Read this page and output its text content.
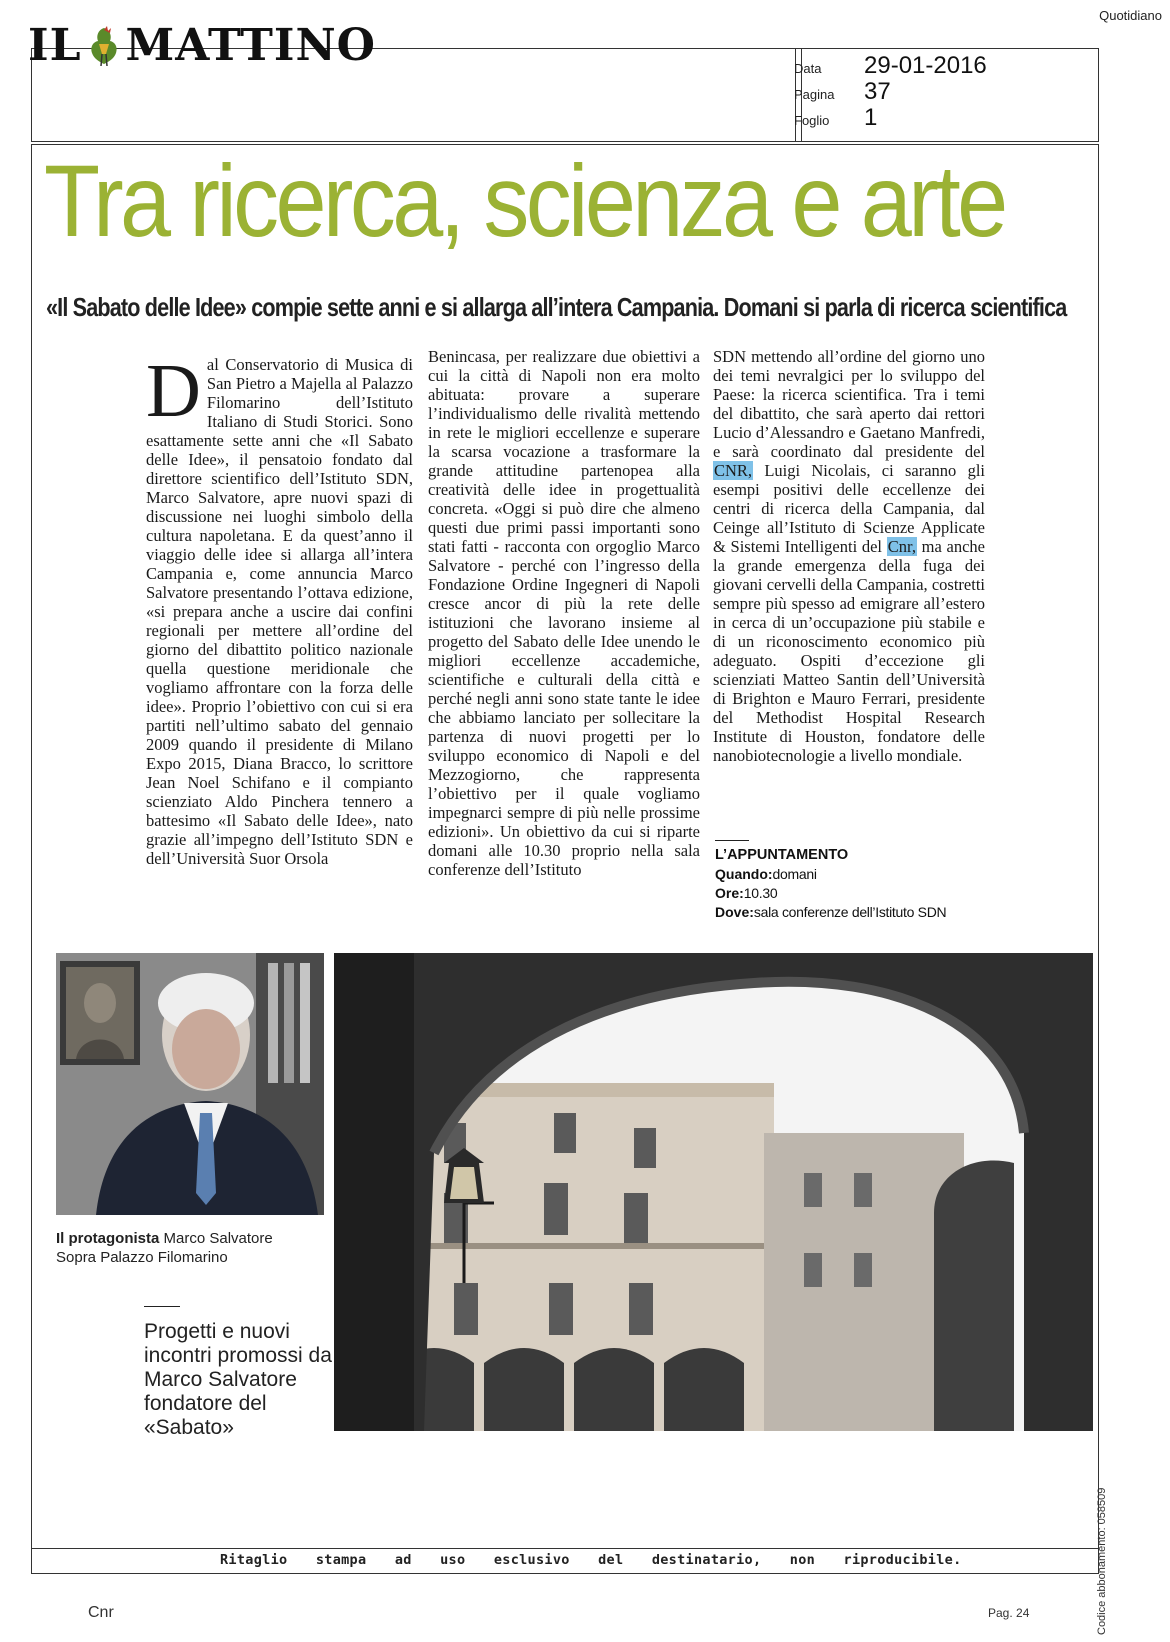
IL MATTINO
Quotidiano
Data	29-01-2016
Pagina	37
Foglio	1
Tra ricerca, scienza e arte
«Il Sabato delle Idee» compie sette anni e si allarga all’intera Campania. Domani si parla di ricerca scientifica
Dal Conservatorio di Musica di San Pietro a Majella al Palazzo Filomarino dell’Istituto Italiano di Studi Storici. Sono esattamente sette anni che «Il Sabato delle Idee», il pensatoio fondato dal direttore scientifico dell’Istituto SDN, Marco Salvatore, apre nuovi spazi di discussione nei luoghi simbolo della cultura napoletana. E da quest’anno il viaggio delle idee si allarga all’intera Campania e, come annuncia Marco Salvatore presentando l’ottava edizione, «si prepara anche a uscire dai confini regionali per mettere all’ordine del giorno del dibattito politico nazionale quella questione meridionale che vogliamo affrontare con la forza delle idee». Proprio l’obiettivo con cui si era partiti nell’ultimo sabato del gennaio 2009 quando il presidente di Milano Expo 2015, Diana Bracco, lo scrittore Jean Noel Schifano e il compianto scienziato Aldo Pinchera tennero a battesimo «Il Sabato delle Idee», nato grazie all’impegno dell’Istituto SDN e dell’Università Suor Orsola
Benincasa, per realizzare due obiettivi a cui la città di Napoli non era molto abituata: provare a superare l’individualismo delle rivalità mettendo in rete le migliori eccellenze e superare la scarsa vocazione a trasformare la grande attitudine partenopea alla creatività delle idee in progettualità concreta. «Oggi si può dire che almeno questi due primi passi importanti sono stati fatti - racconta con orgoglio Marco Salvatore - perché con l’ingresso della Fondazione Ordine Ingegneri di Napoli cresce ancor di più la rete delle istituzioni che lavorano insieme al progetto del Sabato delle Idee unendo le migliori eccellenze accademiche, scientifiche e culturali della città e perché negli anni sono state tante le idee che abbiamo lanciato per sollecitare la partenza di nuovi progetti per lo sviluppo economico di Napoli e del Mezzogiorno, che rappresenta l’obiettivo per il quale vogliamo impegnarci sempre di più nelle prossime edizioni». Un obiettivo da cui si riparte domani alle 10.30 proprio nella sala conferenze dell’Istituto
SDN mettendo all’ordine del giorno uno dei temi nevralgici per lo sviluppo del Paese: la ricerca scientifica. Tra i temi del dibattito, che sarà aperto dai rettori Lucio d’Alessandro e Gaetano Manfredi, e sarà coordinato dal presidente del CNR, Luigi Nicolais, ci saranno gli esempi positivi delle eccellenze dei centri di ricerca della Campania, dal Ceinge all’Istituto di Scienze Applicate & Sistemi Intelligenti del Cnr, ma anche la grande emergenza della fuga dei giovani cervelli della Campania, costretti sempre più spesso ad emigrare all’estero in cerca di un’occupazione più stabile e di un riconoscimento economico più adeguato. Ospiti d’eccezione gli scienziati Matteo Santin dell’Università di Brighton e Mauro Ferrari, presidente del Methodist Hospital Research Institute di Houston, fondatore delle nanobiotecnologie a livello mondiale.
L’APPUNTAMENTO
Quando:domani
Ore:10.30
Dove:sala conferenze dell’Istituto SDN
Il protagonista Marco Salvatore
Sopra Palazzo Filomarino
Progetti e nuovi incontri promossi da Marco Salvatore fondatore del «Sabato»
Codice abbonamento: 058509
Ritaglio stampa ad uso esclusivo del destinatario, non riproducibile.
Cnr	Pag. 24
